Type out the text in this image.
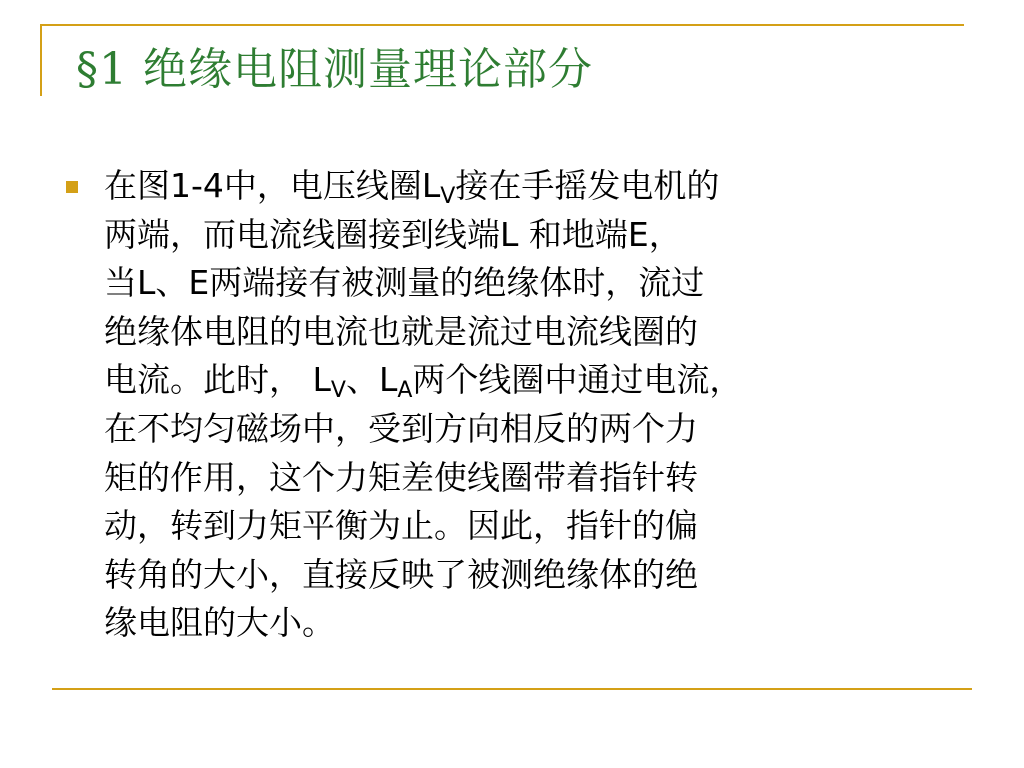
§1 绝缘电阻测量理论部分
在图1-4中，电压线圈$L_V$接在手摇发电机的
两端，而电流线圈接到线端L 和地端E，
当L、E两端接有被测量的绝缘体时，流过
绝缘体电阻的电流也就是流过电流线圈的
电流。此时， $L_V$、$L_A$两个线圈中通过电流，
在不均匀磁场中，受到方向相反的两个力
矩的作用，这个力矩差使线圈带着指针转
动，转到力矩平衡为止。因此，指针的偏
转角的大小，直接反映了被测绝缘体的绝
缘电阻的大小。
